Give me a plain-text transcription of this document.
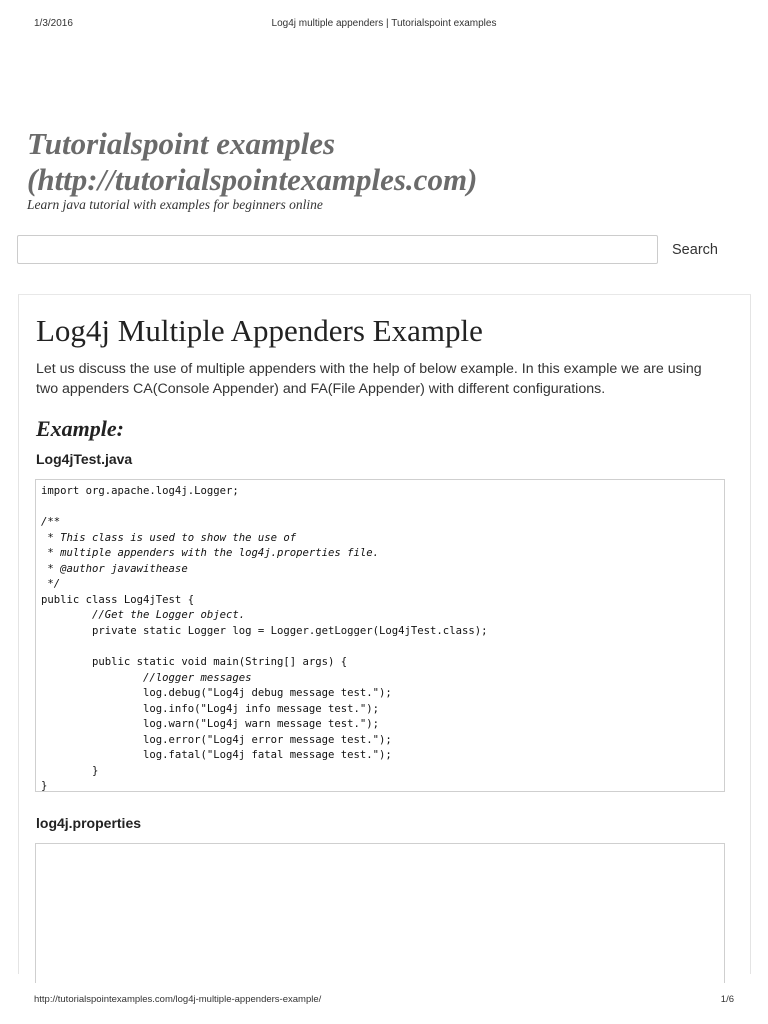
1/3/2016	Log4j multiple appenders | Tutorialspoint examples
Tutorialspoint examples
(http://tutorialspointexamples.com)
Learn java tutorial with examples for beginners online
Search
Log4j Multiple Appenders Example

Let us discuss the use of multiple appenders with the help of below example. In this example we are using
two appenders CA(Console Appender) and FA(File Appender) with different configurations.

Example:
Log4jTest.java
import org.apache.log4j.Logger;

/**
* This class is used to show the use of
* multiple appenders with the log4j.properties file.
* @author javawithease
*/
public class Log4jTest {
//Get the Logger object.
private static Logger log = Logger.getLogger(Log4jTest.class);

public static void main(String[] args) {
//logger messages
log.debug("Log4j debug message test.");
log.info("Log4j info message test.");
log.warn("Log4j warn message test.");
log.error("Log4j error message test.");
log.fatal("Log4j fatal message test.");
}
}

log4j.properties
http://tutorialspointexamples.com/log4j-multiple-appenders-example/	1/6
